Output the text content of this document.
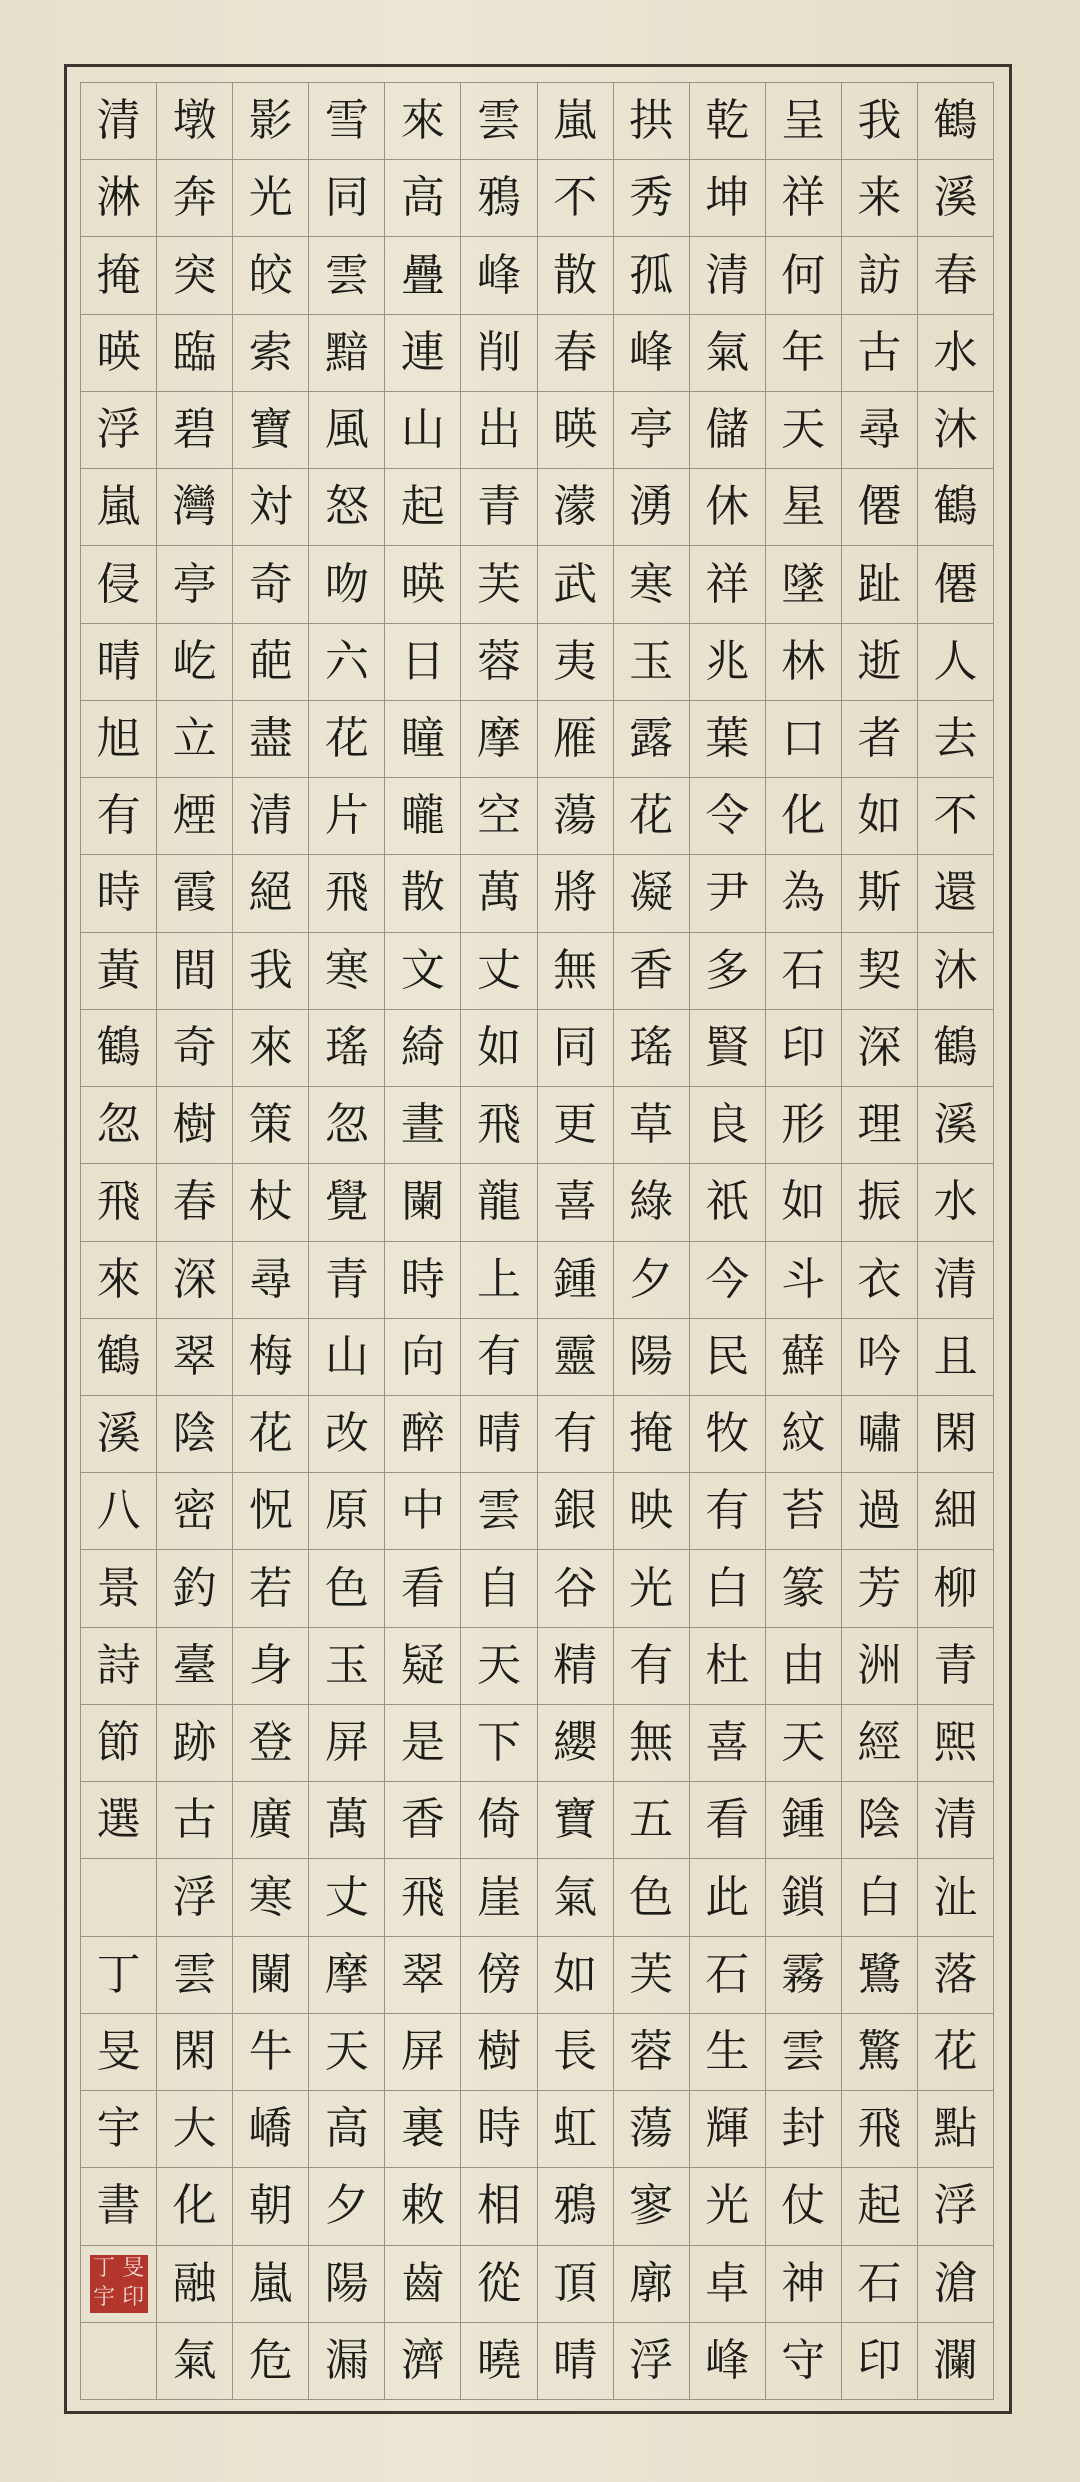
鶴
溪
春
水
沐
鶴
僊
人
去
不
還
沐
鶴
溪
水
清
且
閑
細
柳
青
煕
清
沚
落
花
點
浮
滄
瀾
我
来
訪
古
尋
僊
趾
逝
者
如
斯
契
深
理
振
衣
吟
嘯
過
芳
洲
經
陰
白
鷺
驚
飛
起
石
印
呈
祥
何
年
天
星
墜
林
口
化
為
石
印
形
如
斗
蘚
紋
苔
篆
由
天
鍾
鎖
霧
雲
封
仗
神
守
乾
坤
清
氣
儲
休
祥
兆
葉
令
尹
多
賢
良
祇
今
民
牧
有
白
杜
喜
看
此
石
生
輝
光
卓
峰
拱
秀
孤
峰
亭
湧
寒
玉
露
花
凝
香
瑤
草
綠
夕
陽
掩
映
光
有
無
五
色
芙
蓉
蕩
寥
廓
浮
嵐
不
散
春
暎
濛
武
夷
雁
蕩
將
無
同
更
喜
鍾
靈
有
銀
谷
精
纓
寶
氣
如
長
虹
鴉
頂
晴
雲
鴉
峰
削
出
青
芙
蓉
摩
空
萬
丈
如
飛
龍
上
有
晴
雲
自
天
下
倚
崖
傍
樹
時
相
從
曉
來
高
疊
連
山
起
暎
日
瞳
曨
散
文
綺
晝
闌
時
向
醉
中
看
疑
是
香
飛
翠
屏
裏
敕
齒
濟
雪
同
雲
黯
風
怒
吻
六
花
片
飛
寒
瑤
忽
覺
青
山
改
原
色
玉
屏
萬
丈
摩
天
高
夕
陽
漏
影
光
皎
索
寶
対
奇
葩
盡
清
絕
我
來
策
杖
尋
梅
花
怳
若
身
登
廣
寒
闌
牛
嶠
朝
嵐
危
墩
奔
突
臨
碧
灣
亭
屹
立
煙
霞
間
奇
樹
春
深
翠
陰
密
釣
臺
跡
古
浮
雲
閑
大
化
融
氣
清
淋
掩
暎
浮
嵐
侵
晴
旭
有
時
黃
鶴
忽
飛
來
鶴
溪
八
景
詩
節
選
丁
旻
宇
書
丁 旻
宇 印
